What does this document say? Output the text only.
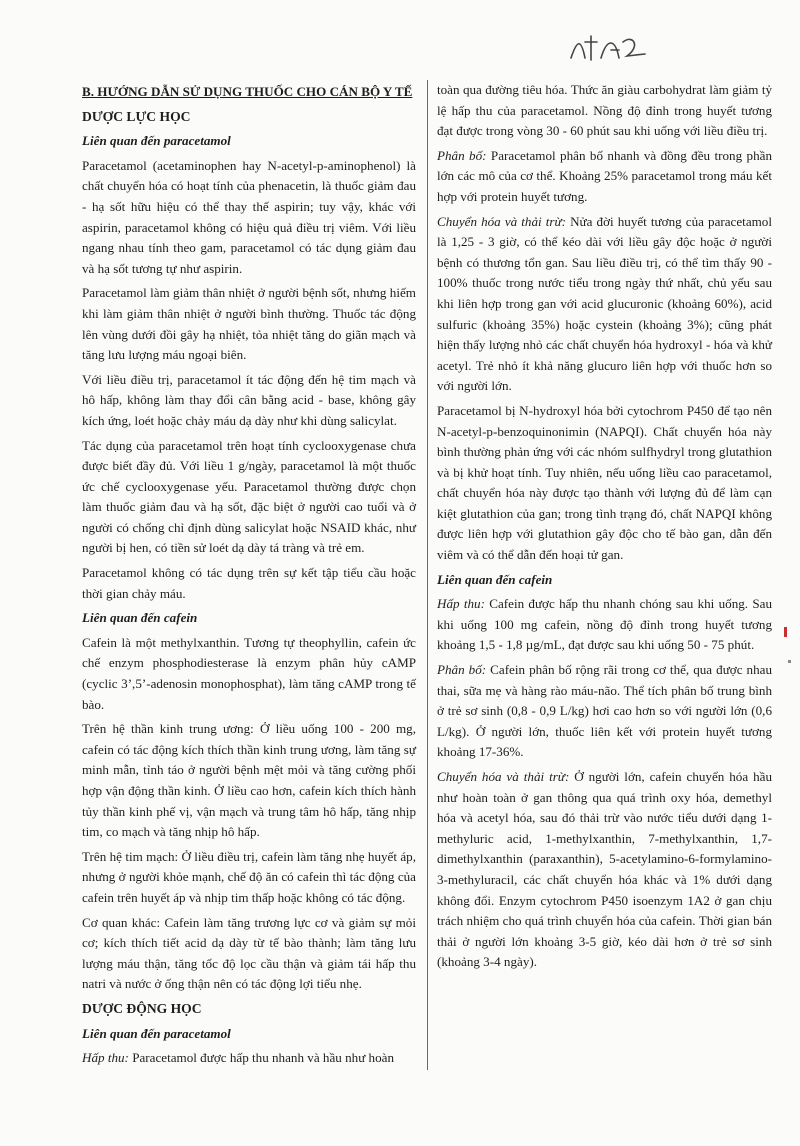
B. HƯỚNG DẪN SỬ DỤNG THUỐC CHO CÁN BỘ Y TẾ

DƯỢC LỰC HỌC

Liên quan đến paracetamol

Paracetamol (acetaminophen hay N-acetyl-p-aminophenol) là chất chuyển hóa có hoạt tính của phenacetin, là thuốc giảm đau - hạ sốt hữu hiệu có thể thay thế aspirin; tuy vậy, khác với aspirin, paracetamol không có hiệu quả điều trị viêm. Với liều ngang nhau tính theo gam, paracetamol có tác dụng giảm đau và hạ sốt tương tự như aspirin.

Paracetamol làm giảm thân nhiệt ở người bệnh sốt, nhưng hiếm khi làm giảm thân nhiệt ở người bình thường. Thuốc tác động lên vùng dưới đồi gây hạ nhiệt, tỏa nhiệt tăng do giãn mạch và tăng lưu lượng máu ngoại biên.

Với liều điều trị, paracetamol ít tác động đến hệ tim mạch và hô hấp, không làm thay đổi cân bằng acid - base, không gây kích ứng, loét hoặc chảy máu dạ dày như khi dùng salicylat.

Tác dụng của paracetamol trên hoạt tính cyclooxygenase chưa được biết đầy đủ. Với liều 1 g/ngày, paracetamol là một thuốc ức chế cyclooxygenase yếu. Paracetamol thường được chọn làm thuốc giảm đau và hạ sốt, đặc biệt ở người cao tuổi và ở người có chống chỉ định dùng salicylat hoặc NSAID khác, như người bị hen, có tiền sử loét dạ dày tá tràng và trẻ em.

Paracetamol không có tác dụng trên sự kết tập tiểu cầu hoặc thời gian chảy máu.

Liên quan đến cafein

Cafein là một methylxanthin. Tương tự theophyllin, cafein ức chế enzym phosphodiesterase là enzym phân hủy cAMP (cyclic 3’,5’-adenosin monophosphat), làm tăng cAMP trong tế bào.

Trên hệ thần kinh trung ương: Ở liều uống 100 - 200 mg, cafein có tác động kích thích thần kinh trung ương, làm tăng sự minh mẫn, tỉnh táo ở người bệnh mệt mỏi và tăng cường phối hợp vận động thần kinh. Ở liều cao hơn, cafein kích thích hành tủy thần kinh phế vị, vận mạch và trung tâm hô hấp, tăng nhịp tim, co mạch và tăng nhịp hô hấp.

Trên hệ tim mạch: Ở liều điều trị, cafein làm tăng nhẹ huyết áp, nhưng ở người khỏe mạnh, chế độ ăn có cafein thì tác động của cafein trên huyết áp và nhịp tim thấp hoặc không có tác động.

Cơ quan khác: Cafein làm tăng trương lực cơ và giảm sự mỏi cơ; kích thích tiết acid dạ dày từ tế bào thành; làm tăng lưu lượng máu thận, tăng tốc độ lọc cầu thận và giảm tái hấp thu natri và nước ở ống thận nên có tác động lợi tiểu nhẹ.

DƯỢC ĐỘNG HỌC

Liên quan đến paracetamol

Hấp thu: Paracetamol được hấp thu nhanh và hầu như hoàn

toàn qua đường tiêu hóa. Thức ăn giàu carbohydrat làm giảm tỷ lệ hấp thu của paracetamol. Nồng độ đỉnh trong huyết tương đạt được trong vòng 30 - 60 phút sau khi uống với liều điều trị.

Phân bố: Paracetamol phân bố nhanh và đồng đều trong phần lớn các mô của cơ thể. Khoảng 25% paracetamol trong máu kết hợp với protein huyết tương.

Chuyển hóa và thải trừ: Nửa đời huyết tương của paracetamol là 1,25 - 3 giờ, có thể kéo dài với liều gây độc hoặc ở người bệnh có thương tổn gan. Sau liều điều trị, có thể tìm thấy 90 - 100% thuốc trong nước tiểu trong ngày thứ nhất, chủ yếu sau khi liên hợp trong gan với acid glucuronic (khoảng 60%), acid sulfuric (khoảng 35%) hoặc cystein (khoảng 3%); cũng phát hiện thấy lượng nhỏ các chất chuyển hóa hydroxyl - hóa và khử acetyl. Trẻ nhỏ ít khả năng glucuro liên hợp với thuốc hơn so với người lớn.

Paracetamol bị N-hydroxyl hóa bởi cytochrom P450 để tạo nên N-acetyl-p-benzoquinonimin (NAPQI). Chất chuyển hóa này bình thường phản ứng với các nhóm sulfhydryl trong glutathion và bị khử hoạt tính. Tuy nhiên, nếu uống liều cao paracetamol, chất chuyển hóa này được tạo thành với lượng đủ để làm cạn kiệt glutathion của gan; trong tình trạng đó, chất NAPQI không được liên hợp với glutathion gây độc cho tế bào gan, dẫn đến viêm và có thể dẫn đến hoại tử gan.

Liên quan đến cafein

Hấp thu: Cafein được hấp thu nhanh chóng sau khi uống. Sau khi uống 100 mg cafein, nồng độ đỉnh trong huyết tương khoảng 1,5 - 1,8 µg/mL, đạt được sau khi uống 50 - 75 phút.

Phân bố: Cafein phân bố rộng rãi trong cơ thể, qua được nhau thai, sữa mẹ và hàng rào máu-não. Thể tích phân bố trung bình ở trẻ sơ sinh (0,8 - 0,9 L/kg) hơi cao hơn so với người lớn (0,6 L/kg). Ở người lớn, thuốc liên kết với protein huyết tương khoảng 17-36%.

Chuyển hóa và thải trừ: Ở người lớn, cafein chuyển hóa hầu như hoàn toàn ở gan thông qua quá trình oxy hóa, demethyl hóa và acetyl hóa, sau đó thải trừ vào nước tiểu dưới dạng 1-methyluric acid, 1-methylxanthin, 7-methylxanthin, 1,7-dimethylxanthin (paraxanthin), 5-acetylamino-6-formylamino-3-methyluracil, các chất chuyển hóa khác và 1% dưới dạng không đổi. Enzym cytochrom P450 isoenzym 1A2 ở gan chịu trách nhiệm cho quá trình chuyển hóa của cafein. Thời gian bán thải ở người lớn khoảng 3-5 giờ, kéo dài hơn ở trẻ sơ sinh (khoảng 3-4 ngày).
